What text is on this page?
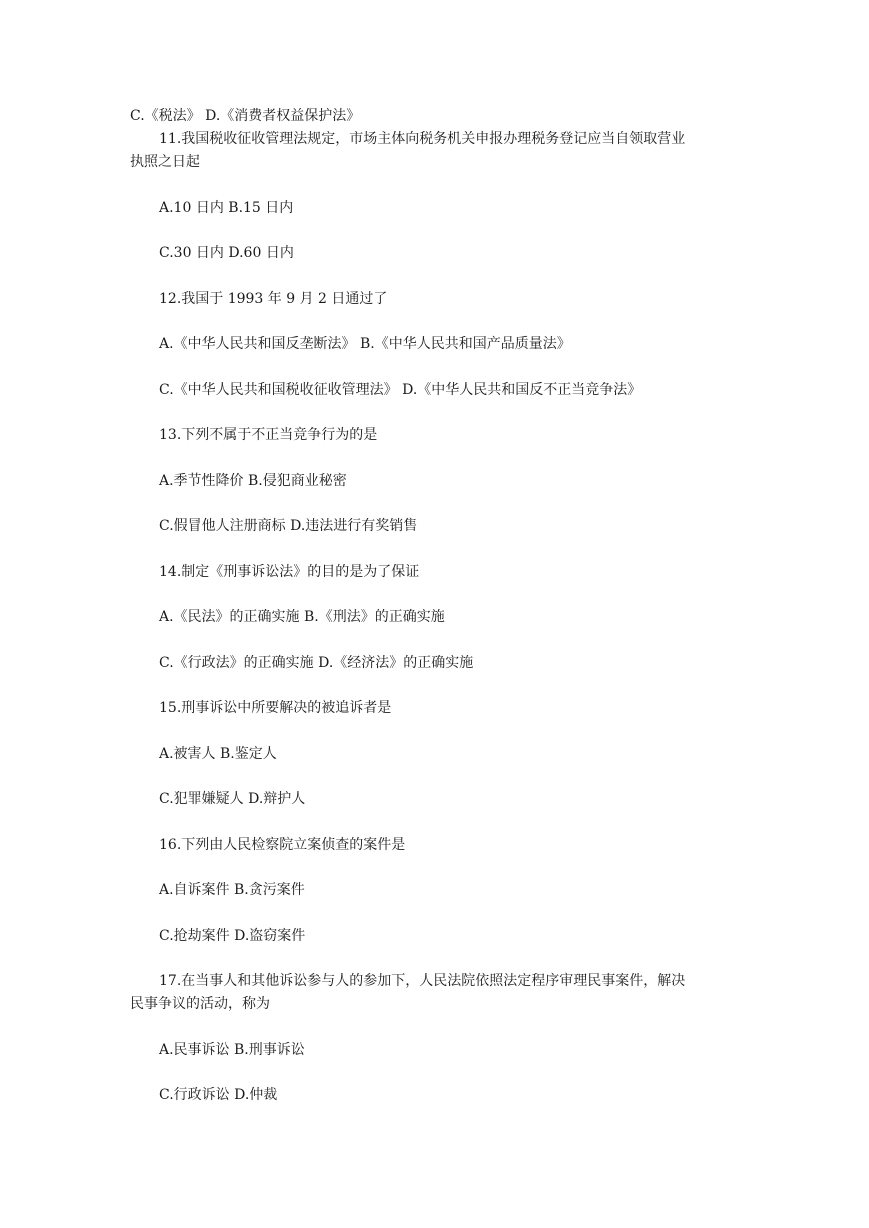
C.《税法》 D.《消费者权益保护法》
11.我国税收征收管理法规定，市场主体向税务机关申报办理税务登记应当自领取营业
执照之日起
A.10 日内 B.15 日内
C.30 日内 D.60 日内
12.我国于 1993 年 9 月 2 日通过了
A.《中华人民共和国反垄断法》 B.《中华人民共和国产品质量法》
C.《中华人民共和国税收征收管理法》 D.《中华人民共和国反不正当竞争法》
13.下列不属于不正当竞争行为的是
A.季节性降价 B.侵犯商业秘密
C.假冒他人注册商标 D.违法进行有奖销售
14.制定《刑事诉讼法》的目的是为了保证
A.《民法》的正确实施 B.《刑法》的正确实施
C.《行政法》的正确实施 D.《经济法》的正确实施
15.刑事诉讼中所要解决的被追诉者是
A.被害人 B.鉴定人
C.犯罪嫌疑人 D.辩护人
16.下列由人民检察院立案侦查的案件是
A.自诉案件 B.贪污案件
C.抢劫案件 D.盗窃案件
17.在当事人和其他诉讼参与人的参加下，人民法院依照法定程序审理民事案件，解决
民事争议的活动，称为
A.民事诉讼 B.刑事诉讼
C.行政诉讼 D.仲裁
